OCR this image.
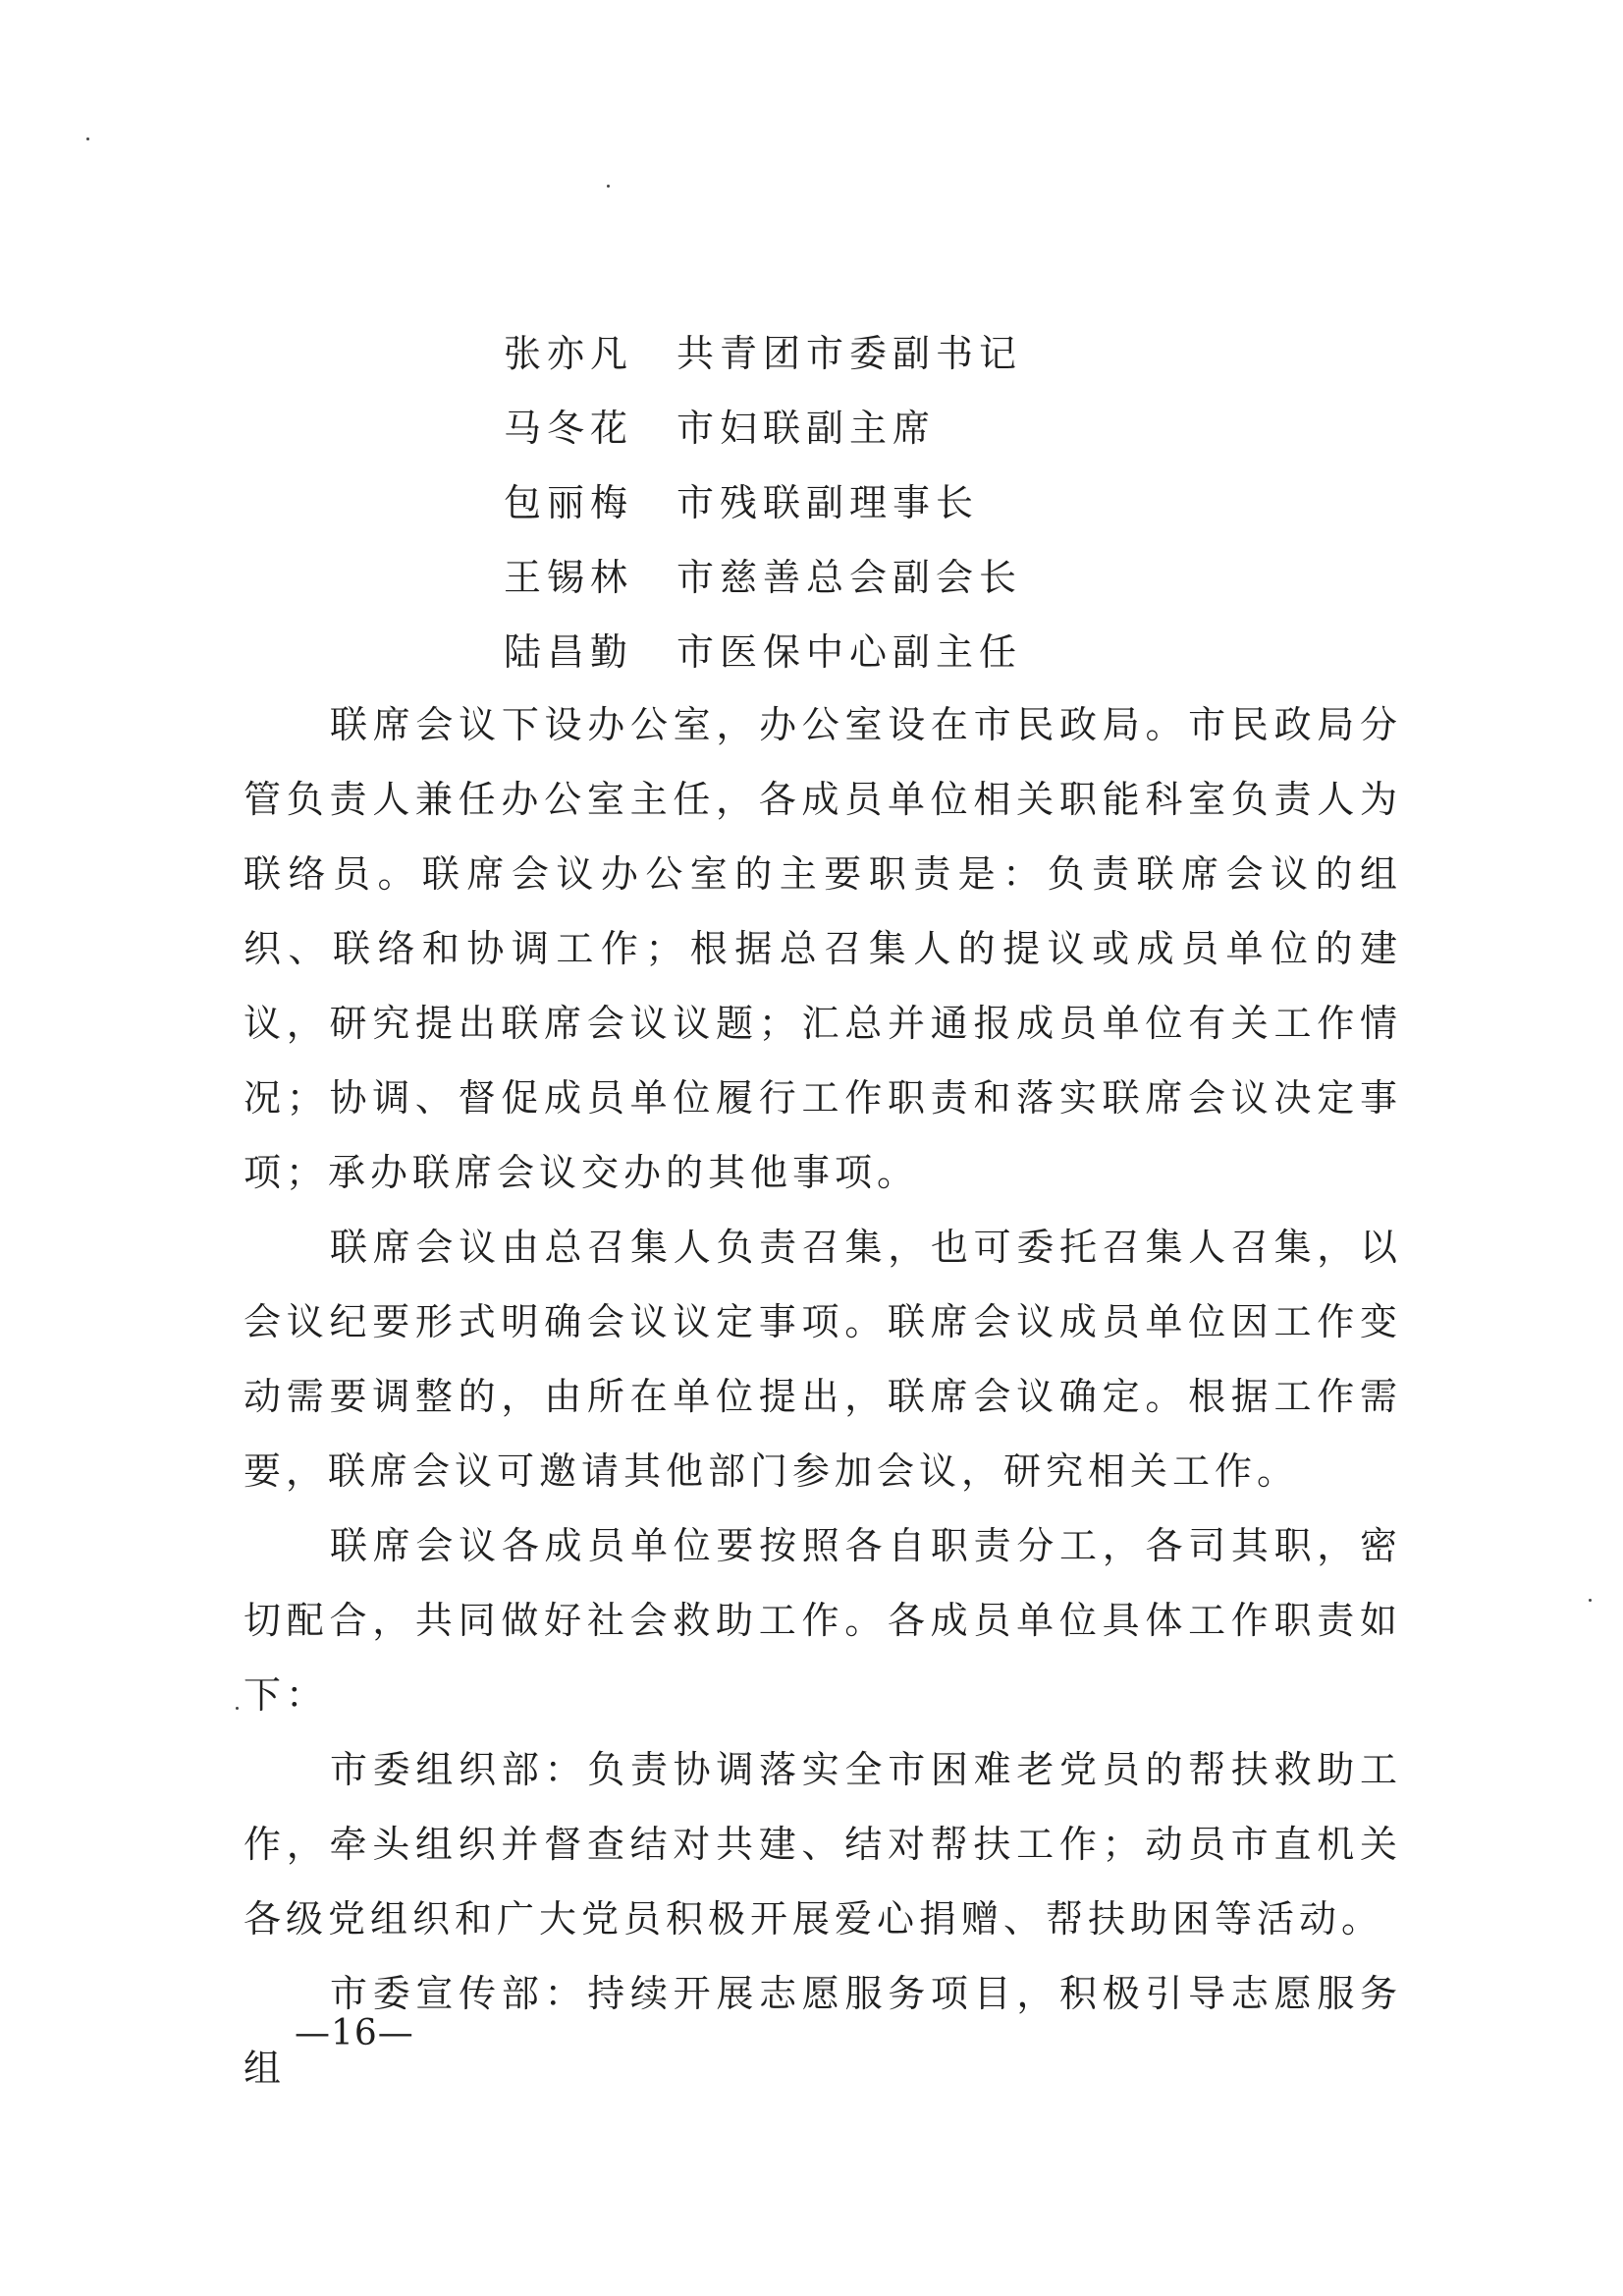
张亦凡	共青团市委副书记
马冬花	市妇联副主席
包丽梅	市残联副理事长
王锡林	市慈善总会副会长
陆昌勤	市医保中心副主任

联席会议下设办公室，办公室设在市民政局。市民政局分管负责人兼任办公室主任，各成员单位相关职能科室负责人为联络员。联席会议办公室的主要职责是：负责联席会议的组织、联络和协调工作；根据总召集人的提议或成员单位的建议，研究提出联席会议议题；汇总并通报成员单位有关工作情况；协调、督促成员单位履行工作职责和落实联席会议决定事项；承办联席会议交办的其他事项。

联席会议由总召集人负责召集，也可委托召集人召集，以会议纪要形式明确会议议定事项。联席会议成员单位因工作变动需要调整的，由所在单位提出，联席会议确定。根据工作需要，联席会议可邀请其他部门参加会议，研究相关工作。

联席会议各成员单位要按照各自职责分工，各司其职，密切配合，共同做好社会救助工作。各成员单位具体工作职责如下：

市委组织部：负责协调落实全市困难老党员的帮扶救助工作，牵头组织并督查结对共建、结对帮扶工作；动员市直机关各级党组织和广大党员积极开展爱心捐赠、帮扶助困等活动。

市委宣传部：持续开展志愿服务项目，积极引导志愿服务组

—16—
